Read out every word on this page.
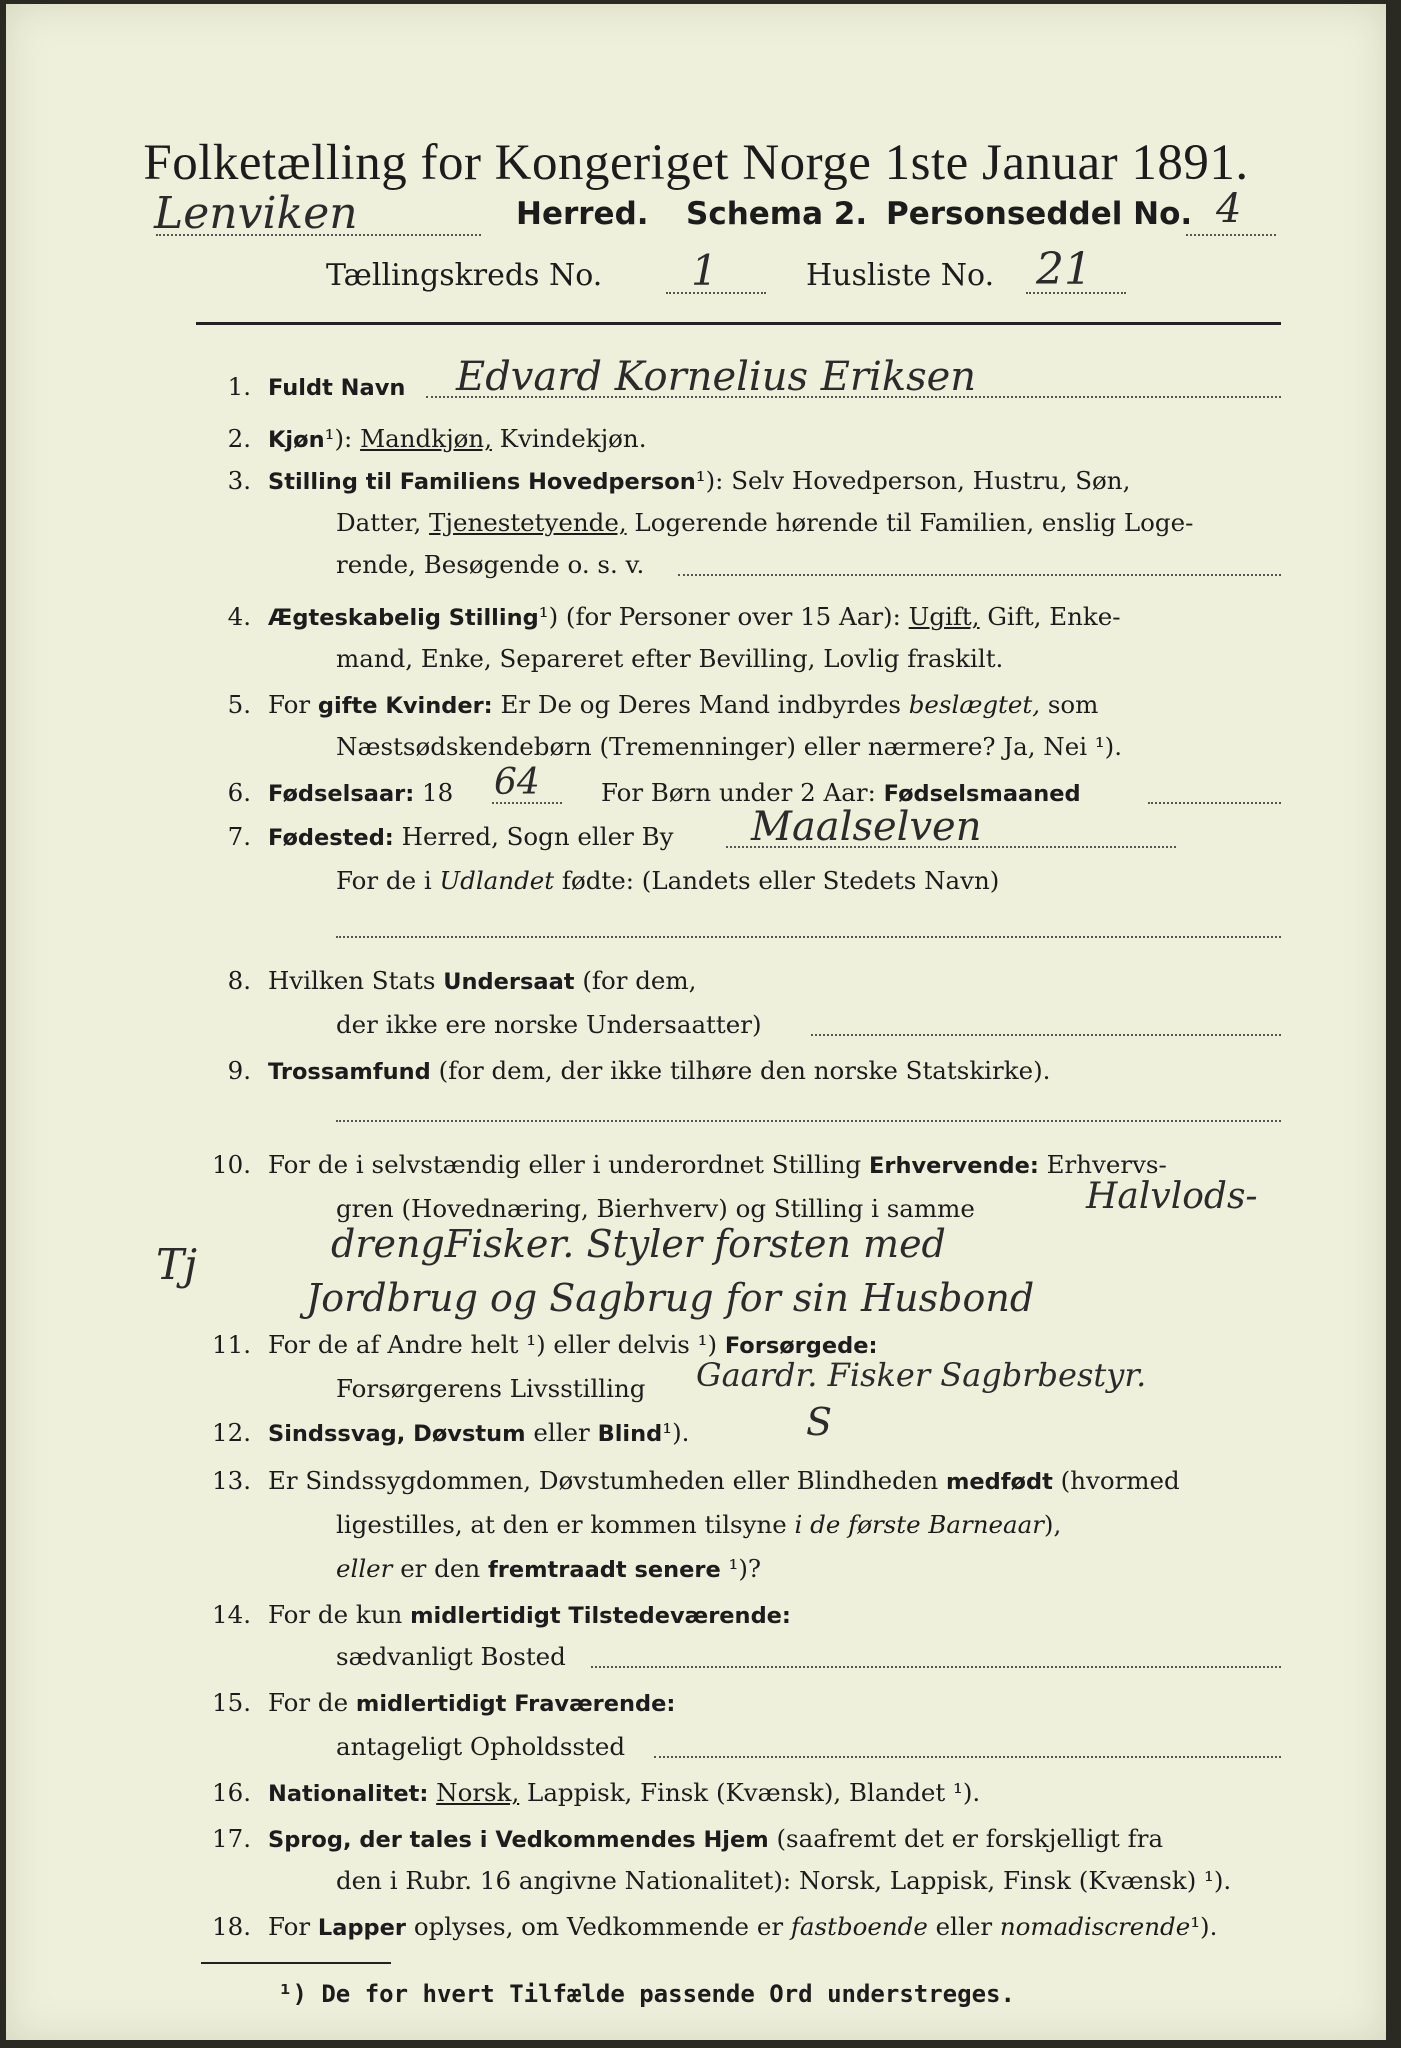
Folketælling for Kongeriget Norge 1ste Januar 1891.
Lenviken	Herred. Schema 2. Personseddel No. 4
Tællingskreds No. 1	Husliste No. 21
1. Fuldt Navn Edvard Kornelius Eriksen
2. Kjøn¹): Mandkjøn, Kvindekjøn.
3. Stilling til Familiens Hovedperson¹): Selv Hovedperson, Hustru, Søn,
Datter, Tjenestetyende, Logerende hørende til Familien, enslig Loge-
rende, Besøgende o. s. v.
4. Ægteskabelig Stilling¹) (for Personer over 15 Aar): Ugift, Gift, Enke-
mand, Enke, Separeret efter Bevilling, Lovlig fraskilt.
5. For gifte Kvinder: Er De og Deres Mand indbyrdes beslægtet, som
Næstsødskendebørn (Tremenninger) eller nærmere? Ja, Nei ¹).
6. Fødselsaar: 18 64 For Børn under 2 Aar: Fødselsmaaned
7. Fødested: Herred, Sogn eller By Maalselven
For de i Udlandet fødte: (Landets eller Stedets Navn)
8. Hvilken Stats Undersaat (for dem,
der ikke ere norske Undersaatter)
9. Trossamfund (for dem, der ikke tilhøre den norske Statskirke).
10. For de i selvstændig eller i underordnet Stilling Erhvervende: Erhvervs-
gren (Hovednæring, Bierhverv) og Stilling i samme	Halvlods-
Tj	drengFisker. Styler forsten med
Jordbrug og Sagbrug for sin Husbond
11. For de af Andre helt ¹) eller delvis ¹) Forsørgede:
Forsørgerens Livsstilling Gaardr. Fisker Sagbrbestyr.
12. Sindssvag, Døvstum eller Blind¹).	S
13. Er Sindssygdommen, Døvstumheden eller Blindheden medfødt (hvormed
ligestilles, at den er kommen tilsyne i de første Barneaar),
eller er den fremtraadt senere ¹)?
14. For de kun midlertidigt Tilstedeværende:
sædvanligt Bosted
15. For de midlertidigt Fraværende:
antageligt Opholdssted
16. Nationalitet: Norsk, Lappisk, Finsk (Kvænsk), Blandet ¹).
17. Sprog, der tales i Vedkommendes Hjem (saafremt det er forskjelligt fra
den i Rubr. 16 angivne Nationalitet): Norsk, Lappisk, Finsk (Kvænsk) ¹).
18. For Lapper oplyses, om Vedkommende er fastboende eller nomadiscrende¹).
¹) De for hvert Tilfælde passende Ord understreges.
